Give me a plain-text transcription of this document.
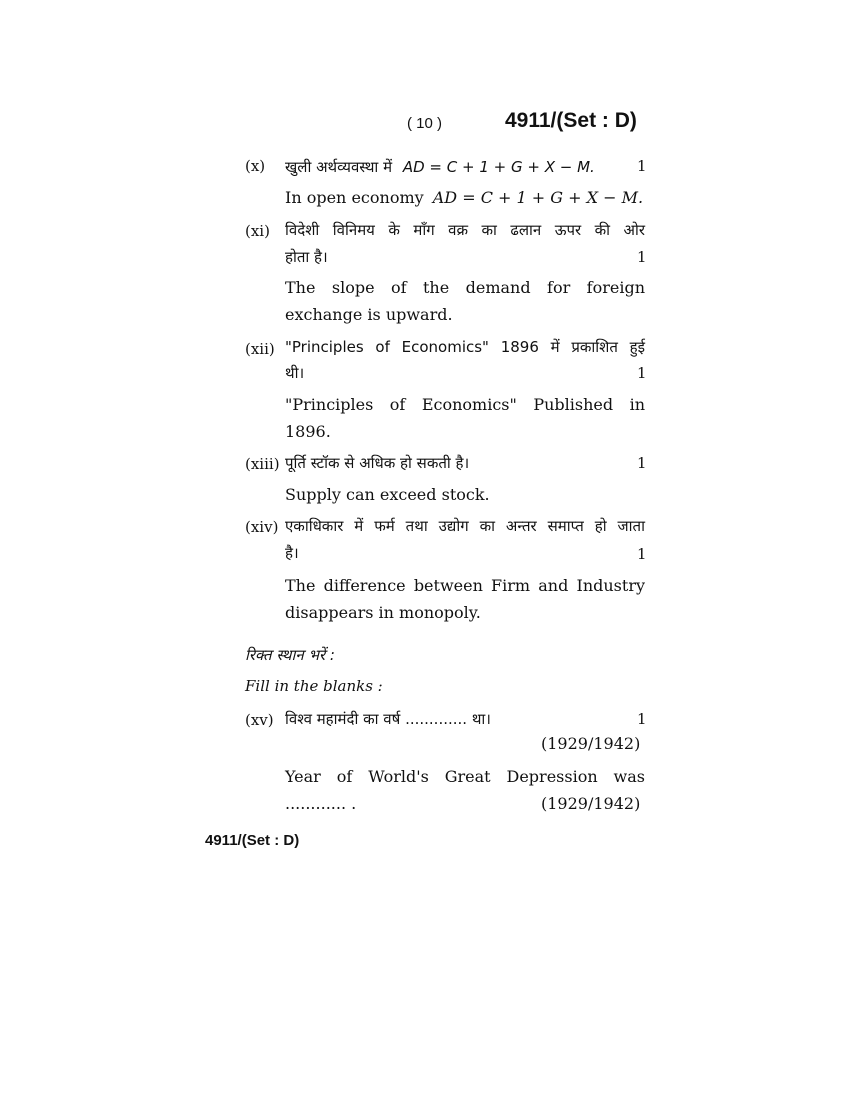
( 10 )	4911/(Set : D)
(x) खुली अर्थव्यवस्था में AD = C + 1 + G + X − M.	1
In open economy AD = C + 1 + G + X − M.
(xi) विदेशी विनिमय के माँग वक्र का ढलान ऊपर की ओर
होता है।	1
The slope of the demand for foreign
exchange is upward.
(xii) "Principles of Economics" 1896 में प्रकाशित हुई
थी।	1
"Principles of Economics" Published in
1896.
(xiii) पूर्ति स्टॉक से अधिक हो सकती है।	1
Supply can exceed stock.
(xiv) एकाधिकार में फर्म तथा उद्योग का अन्तर समाप्त हो जाता
है।	1
The difference between Firm and Industry
disappears in monopoly.
रिक्त स्थान भरें :
Fill in the blanks :
(xv) विश्व महामंदी का वर्ष ............. था।	1
(1929/1942)
Year of World's Great Depression was
............ .	(1929/1942)
4911/(Set : D)
